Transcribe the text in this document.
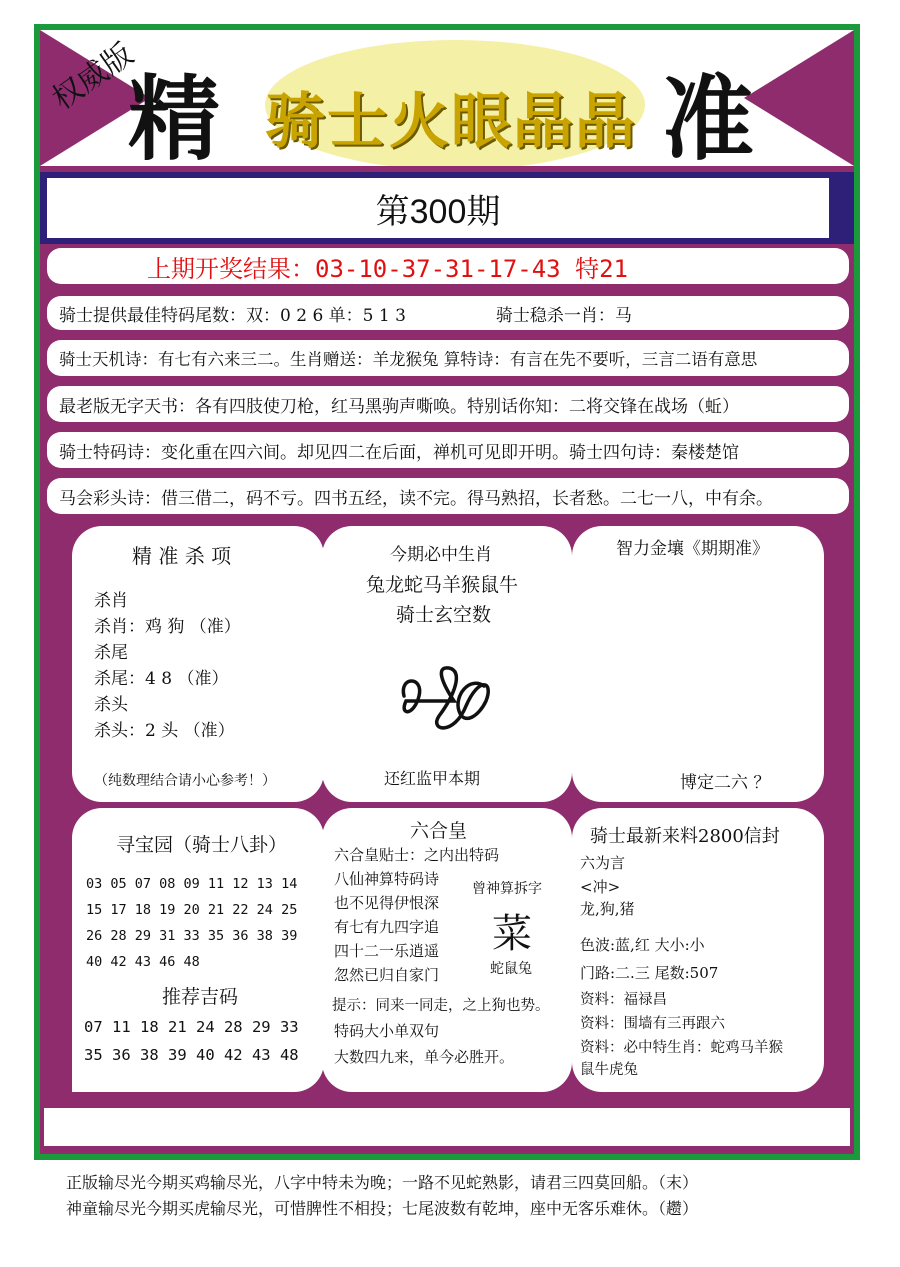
权威版
精 骑士火眼晶晶 准
第300期
上期开奖结果：03-10-37-31-17-43 特21
骑士提供最佳特码尾数：双：0 2 6 单：5 1 3	骑士稳杀一肖：马
骑士天机诗：有七有六来三二。生肖赠送：羊龙猴兔 算特诗：有言在先不要听，三言二语有意思
最老版无字天书：各有四肢使刀枪，红马黑驹声嘶唤。特别话你知：二将交锋在战场（蚯）
骑士特码诗：变化重在四六间。却见四二在后面，禅机可见即开明。骑士四句诗：秦楼楚馆
马会彩头诗：借三借二，码不亏。四书五经，读不完。得马熟招，长者愁。二七一八，中有余。
精 准 杀 项
杀肖
杀肖：鸡 狗 （准）
杀尾
杀尾：4 8 （准）
杀头
杀头：2 头 （准）
（纯数理结合请小心参考！）
今期必中生肖
兔龙蛇马羊猴鼠牛
骑士玄空数
还红监甲本期
智力金壤《期期准》
博定二六 ？
寻宝园（骑士八卦）
03 05 07 08 09 11 12 13 14
15 17 18 19 20 21 22 24 25
26 28 29 31 33 35 36 38 39
40 42 43 46 48
推荐吉码
07 11 18 21 24 28 29 33
35 36 38 39 40 42 43 48
六合皇
六合皇贴士：之内出特码
八仙神算特码诗
也不见得伊恨深
有七有九四字追
四十二一乐逍遥
忽然已归自家门
曾神算拆字
菜
蛇鼠兔
提示：同来一同走，之上狗也势。
特码大小单双句
大数四九来，单今必胜开。
骑士最新来料2800信封
六为言
<冲>
龙,狗,猪
色波:蓝,红 大小:小
门路:二.三 尾数:507
资料：福禄昌
资料：围墙有三再跟六
资料：必中特生肖：蛇鸡马羊猴
鼠牛虎兔
正版输尽光今期买鸡输尽光，八字中特未为晚；一路不见蛇熟影，请君三四莫回船。（末）
神童输尽光今期买虎输尽光，可惜脾性不相投；七尾波数有乾坤，座中无客乐难休。（趱）
